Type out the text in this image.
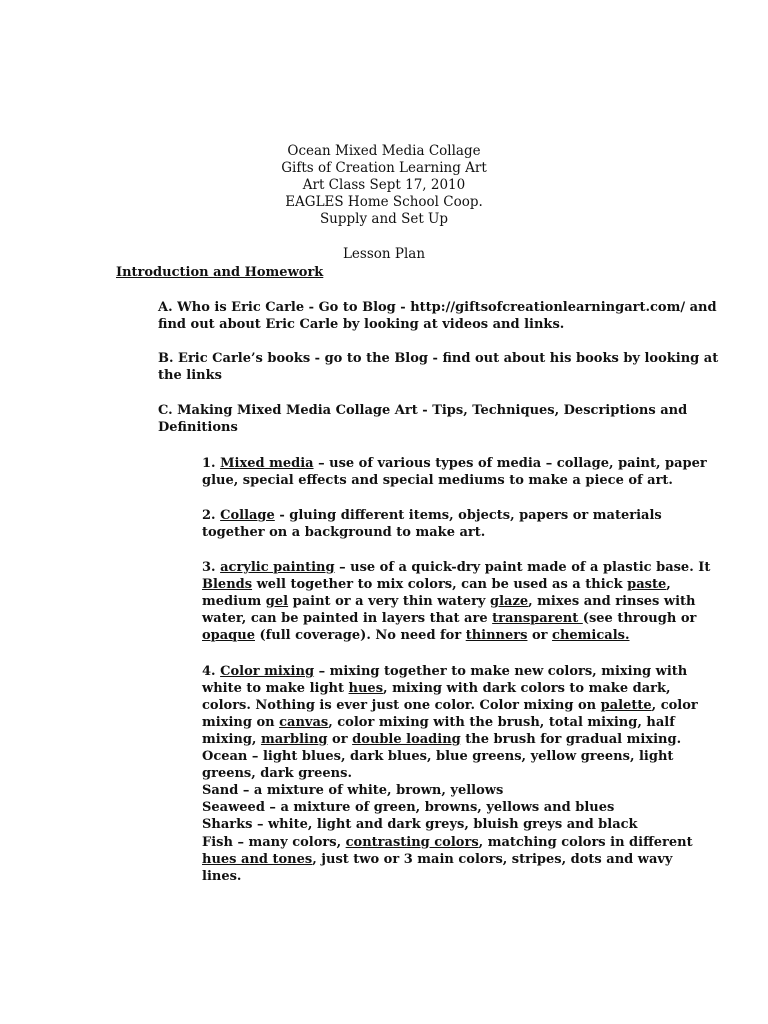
Ocean Mixed Media Collage
Gifts of Creation Learning Art
Art Class Sept 17, 2010
EAGLES Home School Coop.
Supply and Set Up
Lesson Plan
Introduction and Homework
A. Who is Eric Carle - Go to Blog - http://giftsofcreationlearningart.com/ and
find out about Eric Carle by looking at videos and links.
B. Eric Carle’s books - go to the Blog - find out about his books by looking at
the links
C. Making Mixed Media Collage Art - Tips, Techniques, Descriptions and
Definitions
1. Mixed media – use of various types of media – collage, paint, paper
glue, special effects and special mediums to make a piece of art.
2. Collage - gluing different items, objects, papers or materials
together on a background to make art.
3. acrylic painting – use of a quick-dry paint made of a plastic base. It
Blends well together to mix colors, can be used as a thick paste,
medium gel paint or a very thin watery glaze, mixes and rinses with
water, can be painted in layers that are transparent (see through or
opaque (full coverage). No need for thinners or chemicals.
4. Color mixing – mixing together to make new colors, mixing with
white to make light hues, mixing with dark colors to make dark,
colors. Nothing is ever just one color. Color mixing on palette, color
mixing on canvas, color mixing with the brush, total mixing, half
mixing, marbling or double loading the brush for gradual mixing.
Ocean – light blues, dark blues, blue greens, yellow greens, light
greens, dark greens.
Sand – a mixture of white, brown, yellows
Seaweed – a mixture of green, browns, yellows and blues
Sharks – white, light and dark greys, bluish greys and black
Fish – many colors, contrasting colors, matching colors in different
hues and tones, just two or 3 main colors, stripes, dots and wavy
lines.
